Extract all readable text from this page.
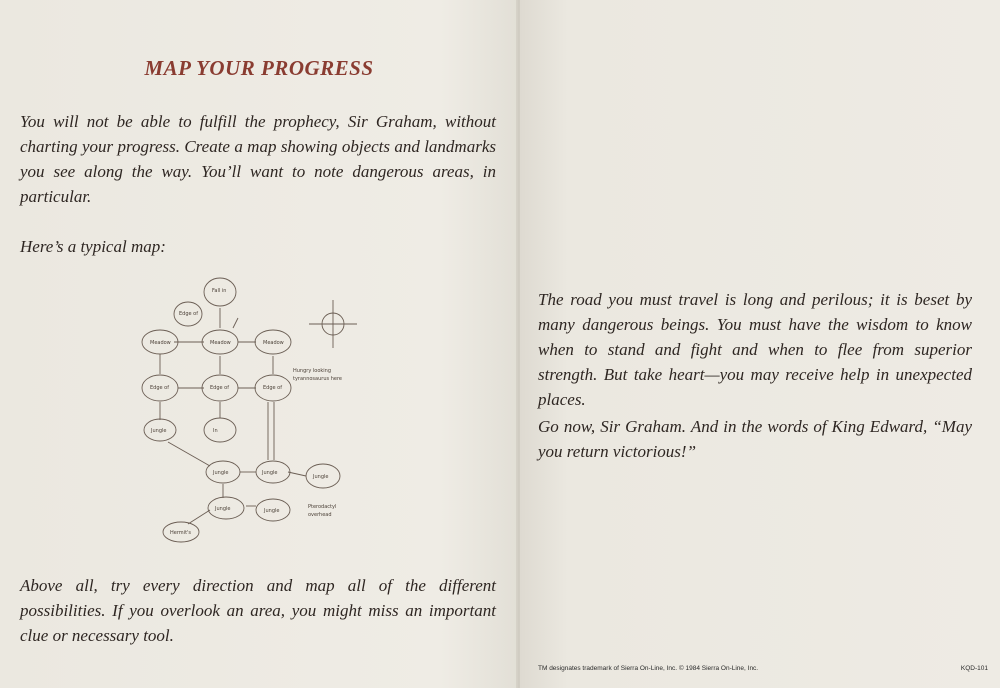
MAP YOUR PROGRESS

You will not be able to fulfill the prophecy, Sir Graham, without charting your progress. Create a map showing objects and landmarks you see along the way. You’ll want to note dangerous areas, in particular.

Here’s a typical map:

Fall in
Edge of
Meadow	Meadow	Meadow
Edge of	Edge of	Edge of
Jungle	In
Jungle	Jungle
Jungle
Jungle	Jungle
Hermit's
Hungry looking
tyrannosaurus here
Pterodactyl
overhead

Above all, try every direction and map all of the different possibilities. If you overlook an area, you might miss an important clue or necessary tool.

The road you must travel is long and perilous; it is beset by many dangerous beings. You must have the wisdom to know when to stand and fight and when to flee from superior strength. But take heart—you may receive help in unexpected places.

Go now, Sir Graham. And in the words of King Edward, “May you return victorious!”

TM designates trademark of Sierra On-Line, Inc. © 1984 Sierra On-Line, Inc.	KQD-101
